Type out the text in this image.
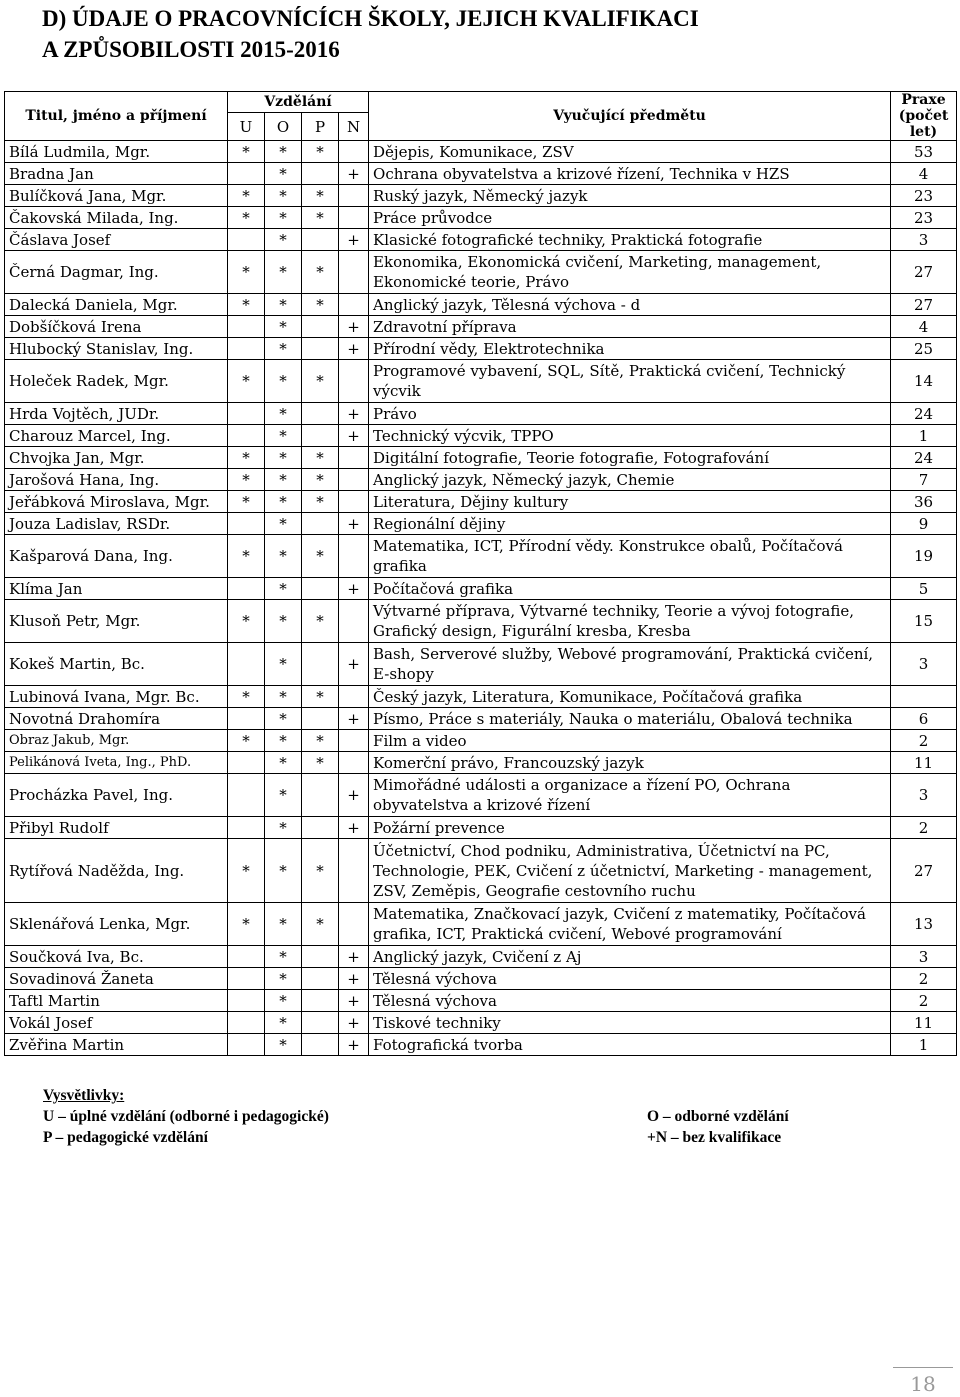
D) ÚDAJE O PRACOVNÍCÍCH ŠKOLY, JEJICH KVALIFIKACI
A ZPŮSOBILOSTI 2015-2016
Titul, jméno a příjmení	Vzdělání				Vyučující předmětu	Praxe
(počet
let)

	U	O	P	N		
Bílá Ludmila, Mgr.	*	*	*		Dějepis, Komunikace, ZSV	53
Bradna Jan		*		+	Ochrana obyvatelstva a krizové řízení, Technika v HZS	4
Bulíčková Jana, Mgr.	*	*	*		Ruský jazyk, Německý jazyk	23
Čakovská Milada, Ing.	*	*	*		Práce průvodce	23
Čáslava Josef		*		+	Klasické fotografické techniky, Praktická fotografie	3
Černá Dagmar, Ing.	*	*	*		Ekonomika, Ekonomická cvičení, Marketing, management, Ekonomické teorie, Právo	27
Dalecká Daniela, Mgr.	*	*	*		Anglický jazyk, Tělesná výchova - d	27
Dobšíčková Irena		*		+	Zdravotní příprava	4
Hlubocký Stanislav, Ing.		*		+	Přírodní vědy, Elektrotechnika	25
Holeček Radek, Mgr.	*	*	*		Programové vybavení, SQL, Sítě, Praktická cvičení, Technický výcvik	14
Hrda Vojtěch, JUDr.		*		+	Právo	24
Charouz Marcel, Ing.		*		+	Technický výcvik, TPPO	1
Chvojka Jan, Mgr.	*	*	*		Digitální fotografie, Teorie fotografie, Fotografování	24
Jarošová Hana, Ing.	*	*	*		Anglický jazyk, Německý jazyk, Chemie	7
Jeřábková Miroslava, Mgr.	*	*	*		Literatura, Dějiny kultury	36
Jouza Ladislav, RSDr.		*		+	Regionální dějiny	9
Kašparová Dana, Ing.	*	*	*		Matematika, ICT, Přírodní vědy. Konstrukce obalů, Počítačová grafika	19
Klíma Jan		*		+	Počítačová grafika	5
Klusoň Petr, Mgr.	*	*	*		Výtvarné příprava, Výtvarné techniky, Teorie a vývoj fotografie, Grafický design, Figurální kresba, Kresba	15
Kokeš Martin, Bc.		*		+	Bash, Serverové služby, Webové programování, Praktická cvičení, E-shopy	3
Lubinová Ivana, Mgr. Bc.	*	*	*		Český jazyk, Literatura, Komunikace, Počítačová grafika	
Novotná Drahomíra		*		+	Písmo, Práce s materiály, Nauka o materiálu, Obalová technika	6
Obraz Jakub, Mgr.	*	*	*		Film a video	2
Pelikánová Iveta, Ing., PhD.		*	*		Komerční právo, Francouzský jazyk	11
Procházka Pavel, Ing.		*		+	Mimořádné události a organizace a řízení PO, Ochrana obyvatelstva a krizové řízení	3
Přibyl Rudolf		*		+	Požární prevence	2
Rytířová Naděžda, Ing.	*	*	*		Účetnictví, Chod podniku, Administrativa, Účetnictví na PC, Technologie, PEK, Cvičení z účetnictví, Marketing - management, ZSV, Zeměpis, Geografie cestovního ruchu	27
Sklenářová Lenka, Mgr.	*	*	*		Matematika, Značkovací jazyk, Cvičení z matematiky, Počítačová grafika, ICT, Praktická cvičení, Webové programování	13
Součková Iva, Bc.		*		+	Anglický jazyk, Cvičení z Aj	3
Sovadinová Žaneta		*		+	Tělesná výchova	2
Taftl Martin		*		+	Tělesná výchova	2
Vokál Josef		*		+	Tiskové techniky	11
Zvěřina Martin		*		+	Fotografická tvorba	1
Vysvětlivky:
U – úplné vzdělání (odborné i pedagogické)
P – pedagogické vzdělání
O – odborné vzdělání
+N – bez kvalifikace
18
